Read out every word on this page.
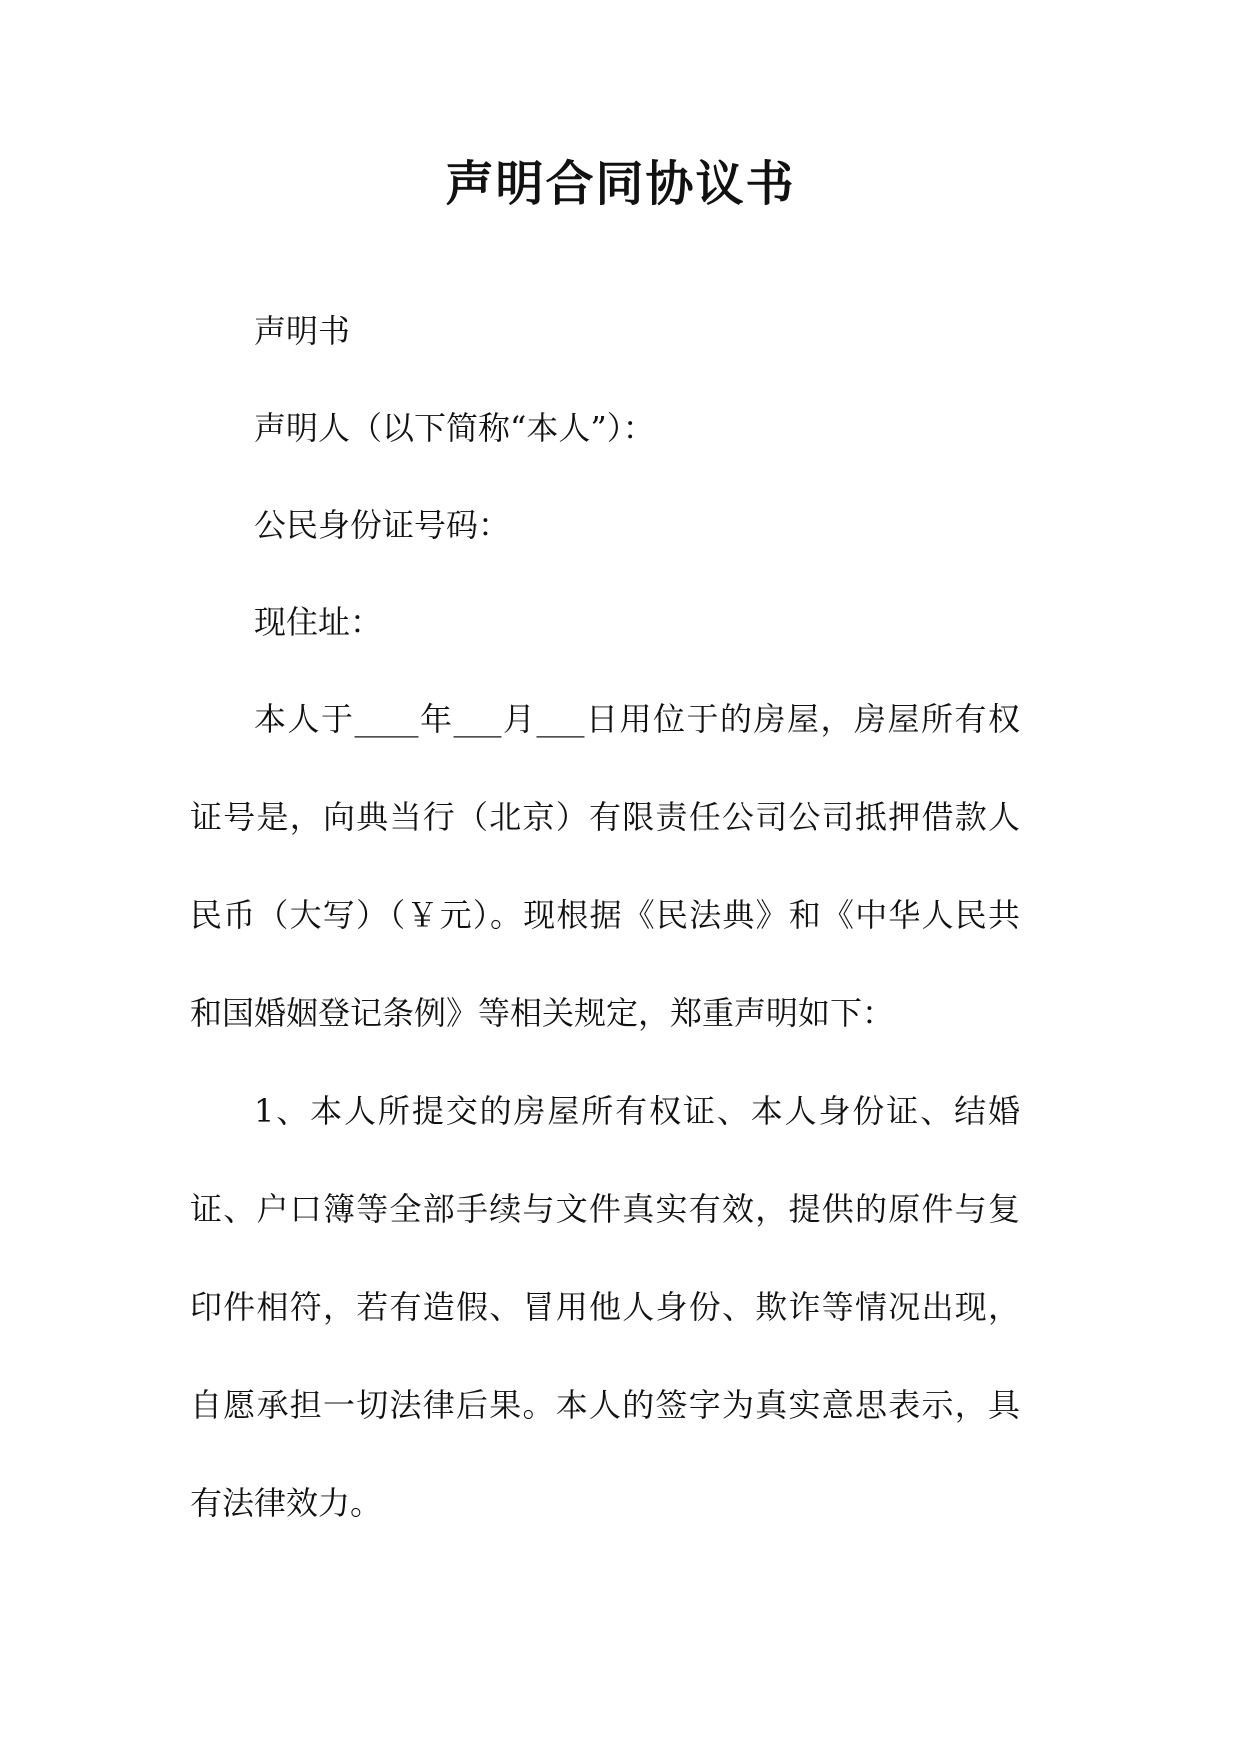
声明合同协议书

声明书

声明人（以下简称“本人”）：

公民身份证号码：

现住址：

本人于____年___月___日用位于的房屋，房屋所有权证号是，向典当行（北京）有限责任公司公司抵押借款人民币（大写）（￥元）。现根据《民法典》和《中华人民共和国婚姻登记条例》等相关规定，郑重声明如下：

1、本人所提交的房屋所有权证、本人身份证、结婚证、户口簿等全部手续与文件真实有效，提供的原件与复印件相符，若有造假、冒用他人身份、欺诈等情况出现，自愿承担一切法律后果。本人的签字为真实意思表示，具有法律效力。
